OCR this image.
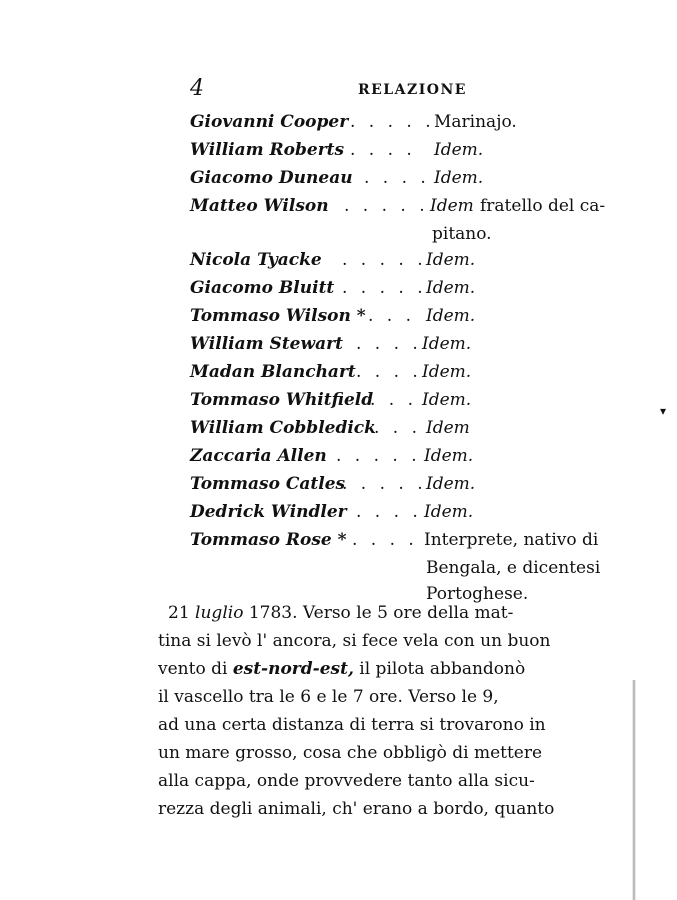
4	RELAZIONE
Giovanni Cooper . . . . . Marinajo.
William Roberts . . . . Idem.
Giacomo Duneau . . . . Idem.
Matteo Wilson . . . . . Idem fratello del ca-
pitano.
Nicola Tyacke . . . . . Idem.
Giacomo Bluitt . . . . . Idem.
Tommaso Wilson * . . . Idem.
William Stewart . . . . Idem.
Madan Blanchart . . . . Idem.
Tommaso Whitfield
. . . Idem.
William Cobbledick
. . . Idem
Zaccaria Allen . . . . . Idem.
Tommaso Catles
. . . . . Idem.
Dedrick Windler . . . . Idem.
Tommaso Rose * . . . . Interprete, nativo di
Bengala, e dicentesi
Portoghese.
21 luglio 1783. Verso le 5 ore della mat-
tina si levò l' ancora, si fece vela con un buon
vento di est-nord-est, il pilota abbandonò
il vascello tra le 6 e le 7 ore. Verso le 9,
ad una certa distanza di terra si trovarono in
un mare grosso, cosa che obbligò di mettere
alla cappa, onde provvedere tanto alla sicu-
rezza degli animali, ch' erano a bordo, quanto
▾
